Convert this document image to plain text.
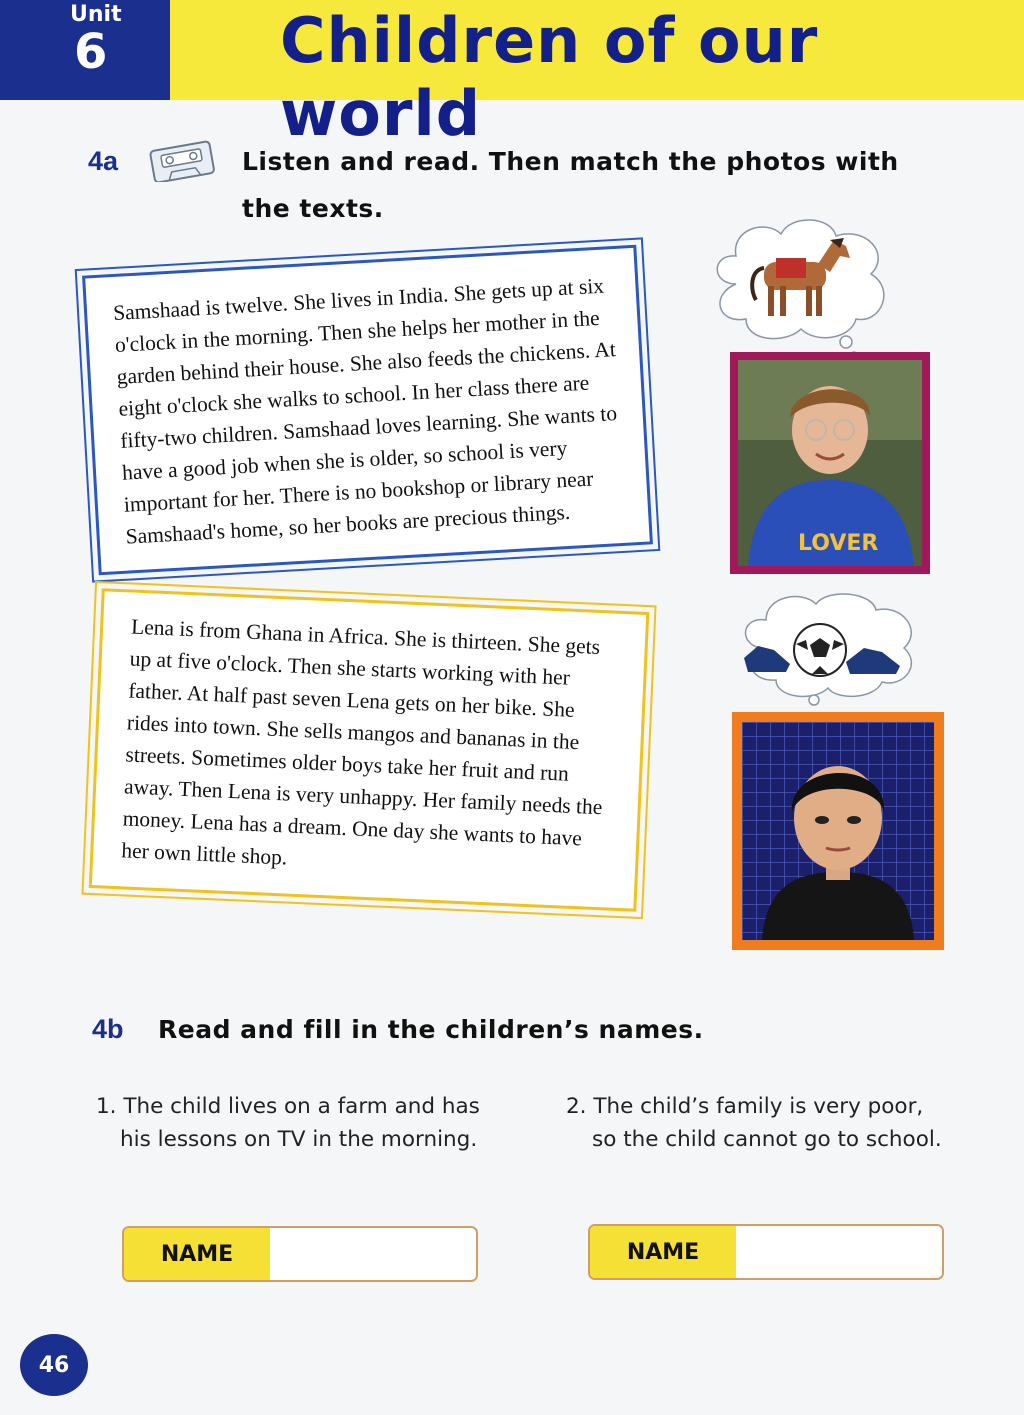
Unit
6	Children of our world
4a	Listen and read. Then match the photos with
the texts.
Samshaad is twelve. She lives in India. She gets up at six o'clock in the morning. Then she helps her mother in the garden behind their house. She also feeds the chickens. At eight o'clock she walks to school. In her class there are fifty-two children. Samshaad loves learning. She wants to have a good job when she is older, so school is very important for her. There is no bookshop or library near Samshaad's home, so her books are precious things.
Lena is from Ghana in Africa. She is thirteen. She gets up at five o'clock. Then she starts working with her father. At half past seven Lena gets on her bike. She rides into town. She sells mangos and bananas in the streets. Sometimes older boys take her fruit and run away. Then Lena is very unhappy. Her family needs the money. Lena has a dream. One day she wants to have her own little shop.
LOVER
4b Read and fill in the children’s names.
1. The child lives on a farm and has
his lessons on TV in the morning.
2. The child’s family is very poor,
so the child cannot go to school.
NAME	NAME
46
